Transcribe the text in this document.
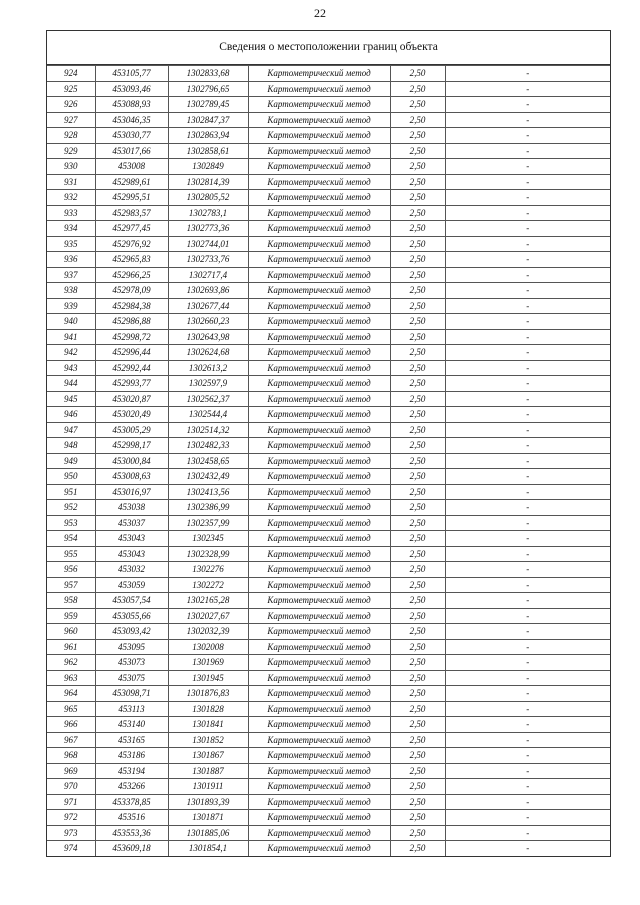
22
Сведения о местоположении границ объекта
924	453105,77	1302833,68	Картометрический метод	2,50	-
925	453093,46	1302796,65	Картометрический метод	2,50	-
926	453088,93	1302789,45	Картометрический метод	2,50	-
927	453046,35	1302847,37	Картометрический метод	2,50	-
928	453030,77	1302863,94	Картометрический метод	2,50	-
929	453017,66	1302858,61	Картометрический метод	2,50	-
930	453008	1302849	Картометрический метод	2,50	-
931	452989,61	1302814,39	Картометрический метод	2,50	-
932	452995,51	1302805,52	Картометрический метод	2,50	-
933	452983,57	1302783,1	Картометрический метод	2,50	-
934	452977,45	1302773,36	Картометрический метод	2,50	-
935	452976,92	1302744,01	Картометрический метод	2,50	-
936	452965,83	1302733,76	Картометрический метод	2,50	-
937	452966,25	1302717,4	Картометрический метод	2,50	-
938	452978,09	1302693,86	Картометрический метод	2,50	-
939	452984,38	1302677,44	Картометрический метод	2,50	-
940	452986,88	1302660,23	Картометрический метод	2,50	-
941	452998,72	1302643,98	Картометрический метод	2,50	-
942	452996,44	1302624,68	Картометрический метод	2,50	-
943	452992,44	1302613,2	Картометрический метод	2,50	-
944	452993,77	1302597,9	Картометрический метод	2,50	-
945	453020,87	1302562,37	Картометрический метод	2,50	-
946	453020,49	1302544,4	Картометрический метод	2,50	-
947	453005,29	1302514,32	Картометрический метод	2,50	-
948	452998,17	1302482,33	Картометрический метод	2,50	-
949	453000,84	1302458,65	Картометрический метод	2,50	-
950	453008,63	1302432,49	Картометрический метод	2,50	-
951	453016,97	1302413,56	Картометрический метод	2,50	-
952	453038	1302386,99	Картометрический метод	2,50	-
953	453037	1302357,99	Картометрический метод	2,50	-
954	453043	1302345	Картометрический метод	2,50	-
955	453043	1302328,99	Картометрический метод	2,50	-
956	453032	1302276	Картометрический метод	2,50	-
957	453059	1302272	Картометрический метод	2,50	-
958	453057,54	1302165,28	Картометрический метод	2,50	-
959	453055,66	1302027,67	Картометрический метод	2,50	-
960	453093,42	1302032,39	Картометрический метод	2,50	-
961	453095	1302008	Картометрический метод	2,50	-
962	453073	1301969	Картометрический метод	2,50	-
963	453075	1301945	Картометрический метод	2,50	-
964	453098,71	1301876,83	Картометрический метод	2,50	-
965	453113	1301828	Картометрический метод	2,50	-
966	453140	1301841	Картометрический метод	2,50	-
967	453165	1301852	Картометрический метод	2,50	-
968	453186	1301867	Картометрический метод	2,50	-
969	453194	1301887	Картометрический метод	2,50	-
970	453266	1301911	Картометрический метод	2,50	-
971	453378,85	1301893,39	Картометрический метод	2,50	-
972	453516	1301871	Картометрический метод	2,50	-
973	453553,36	1301885,06	Картометрический метод	2,50	-
974	453609,18	1301854,1	Картометрический метод	2,50	-
